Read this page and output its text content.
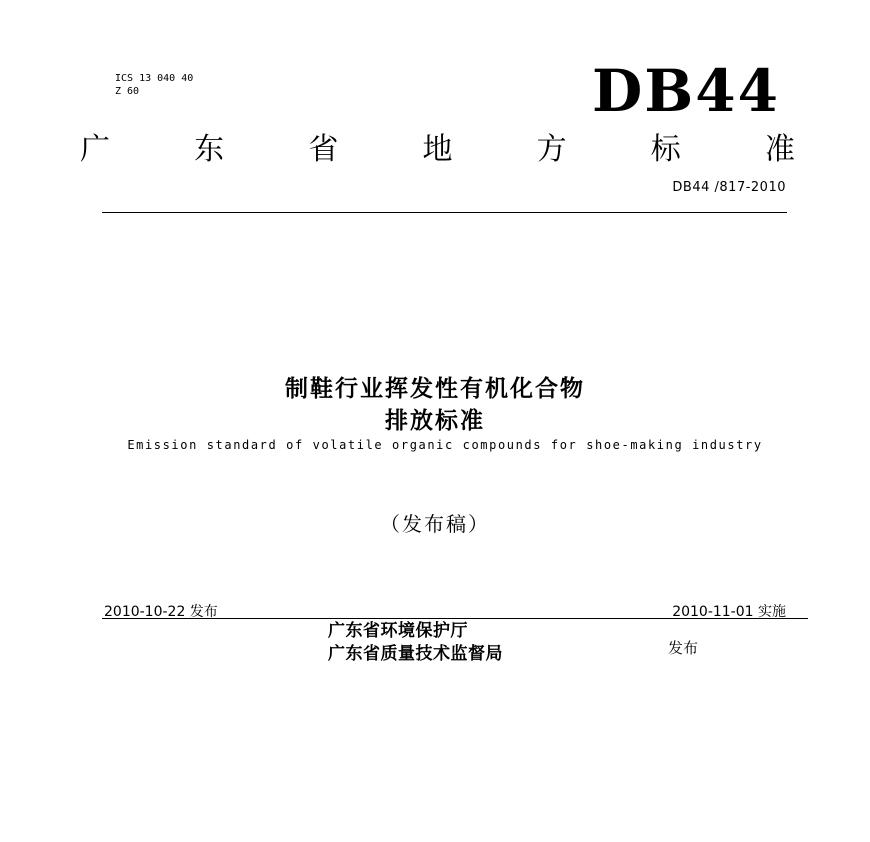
ICS 13 040 40
Z 60	DB44
广	东	省	地	方	标	准
DB44 /817-2010
制鞋行业挥发性有机化合物
排放标准
Emission standard of volatile organic compounds for shoe-making industry
（发布稿）
2010-10-22 发布	2010-11-01 实施
广东省环境保护厅
广东省质量技术监督局	发布
